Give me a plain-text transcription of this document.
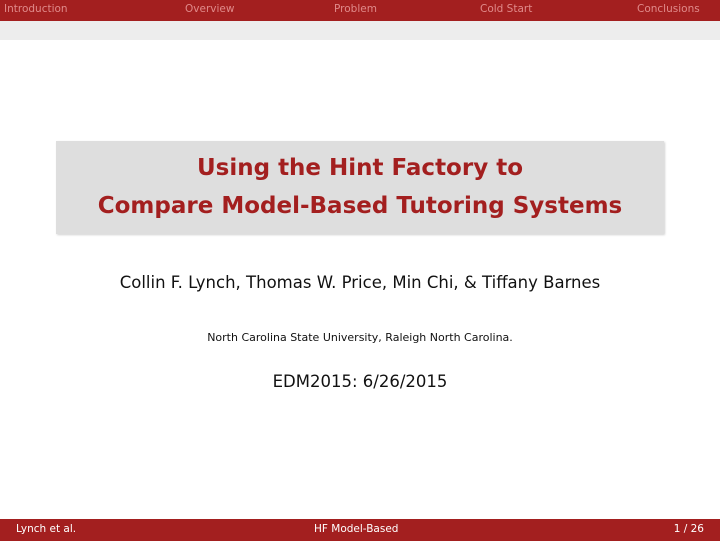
Introduction	Overview	Problem	Cold Start	Conclusions
Using the Hint Factory to
Compare Model-Based Tutoring Systems
Collin F. Lynch, Thomas W. Price, Min Chi, & Tiffany Barnes
North Carolina State University, Raleigh North Carolina.
EDM2015: 6/26/2015
Lynch et al.	HF Model-Based	1 / 26
